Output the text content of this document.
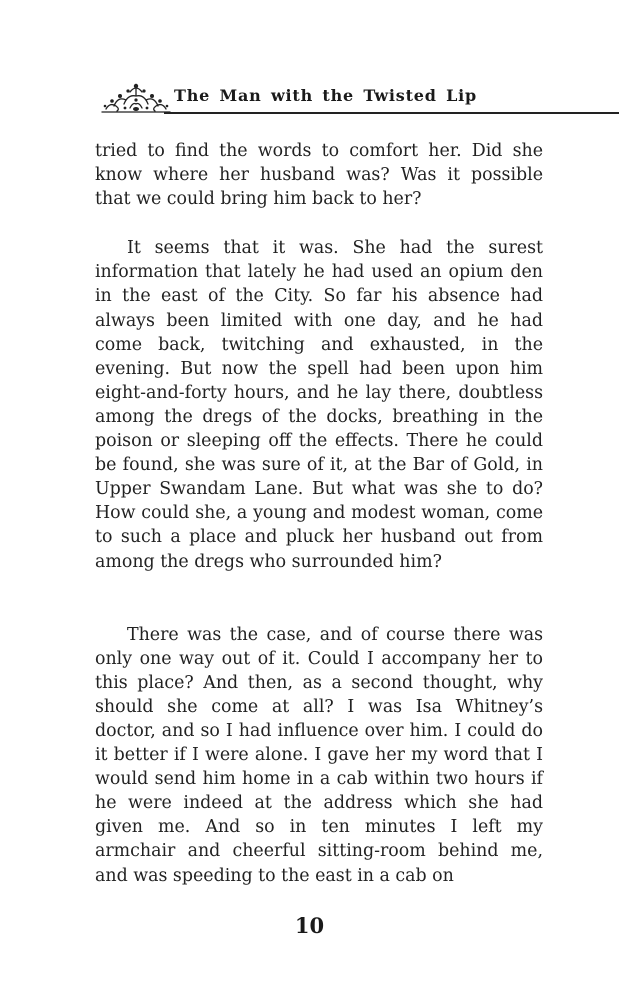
The Man with the Twisted Lip

tried to find the words to comfort her. Did she know where her husband was? Was it possible that we could bring him back to her?

It seems that it was. She had the surest information that lately he had used an opium den in the east of the City. So far his absence had always been limited with one day, and he had come back, twitching and exhausted, in the evening. But now the spell had been upon him eight-and-forty hours, and he lay there, doubtless among the dregs of the docks, breathing in the poison or sleeping off the effects. There he could be found, she was sure of it, at the Bar of Gold, in Upper Swandam Lane. But what was she to do? How could she, a young and modest woman, come to such a place and pluck her husband out from among the dregs who surrounded him?

There was the case, and of course there was only one way out of it. Could I accompany her to this place? And then, as a second thought, why should she come at all? I was Isa Whitney’s doctor, and so I had influence over him. I could do it better if I were alone. I gave her my word that I would send him home in a cab within two hours if he were indeed at the address which she had given me. And so in ten minutes I left my armchair and cheerful sitting-room behind me, and was speeding to the east in a cab on

10
